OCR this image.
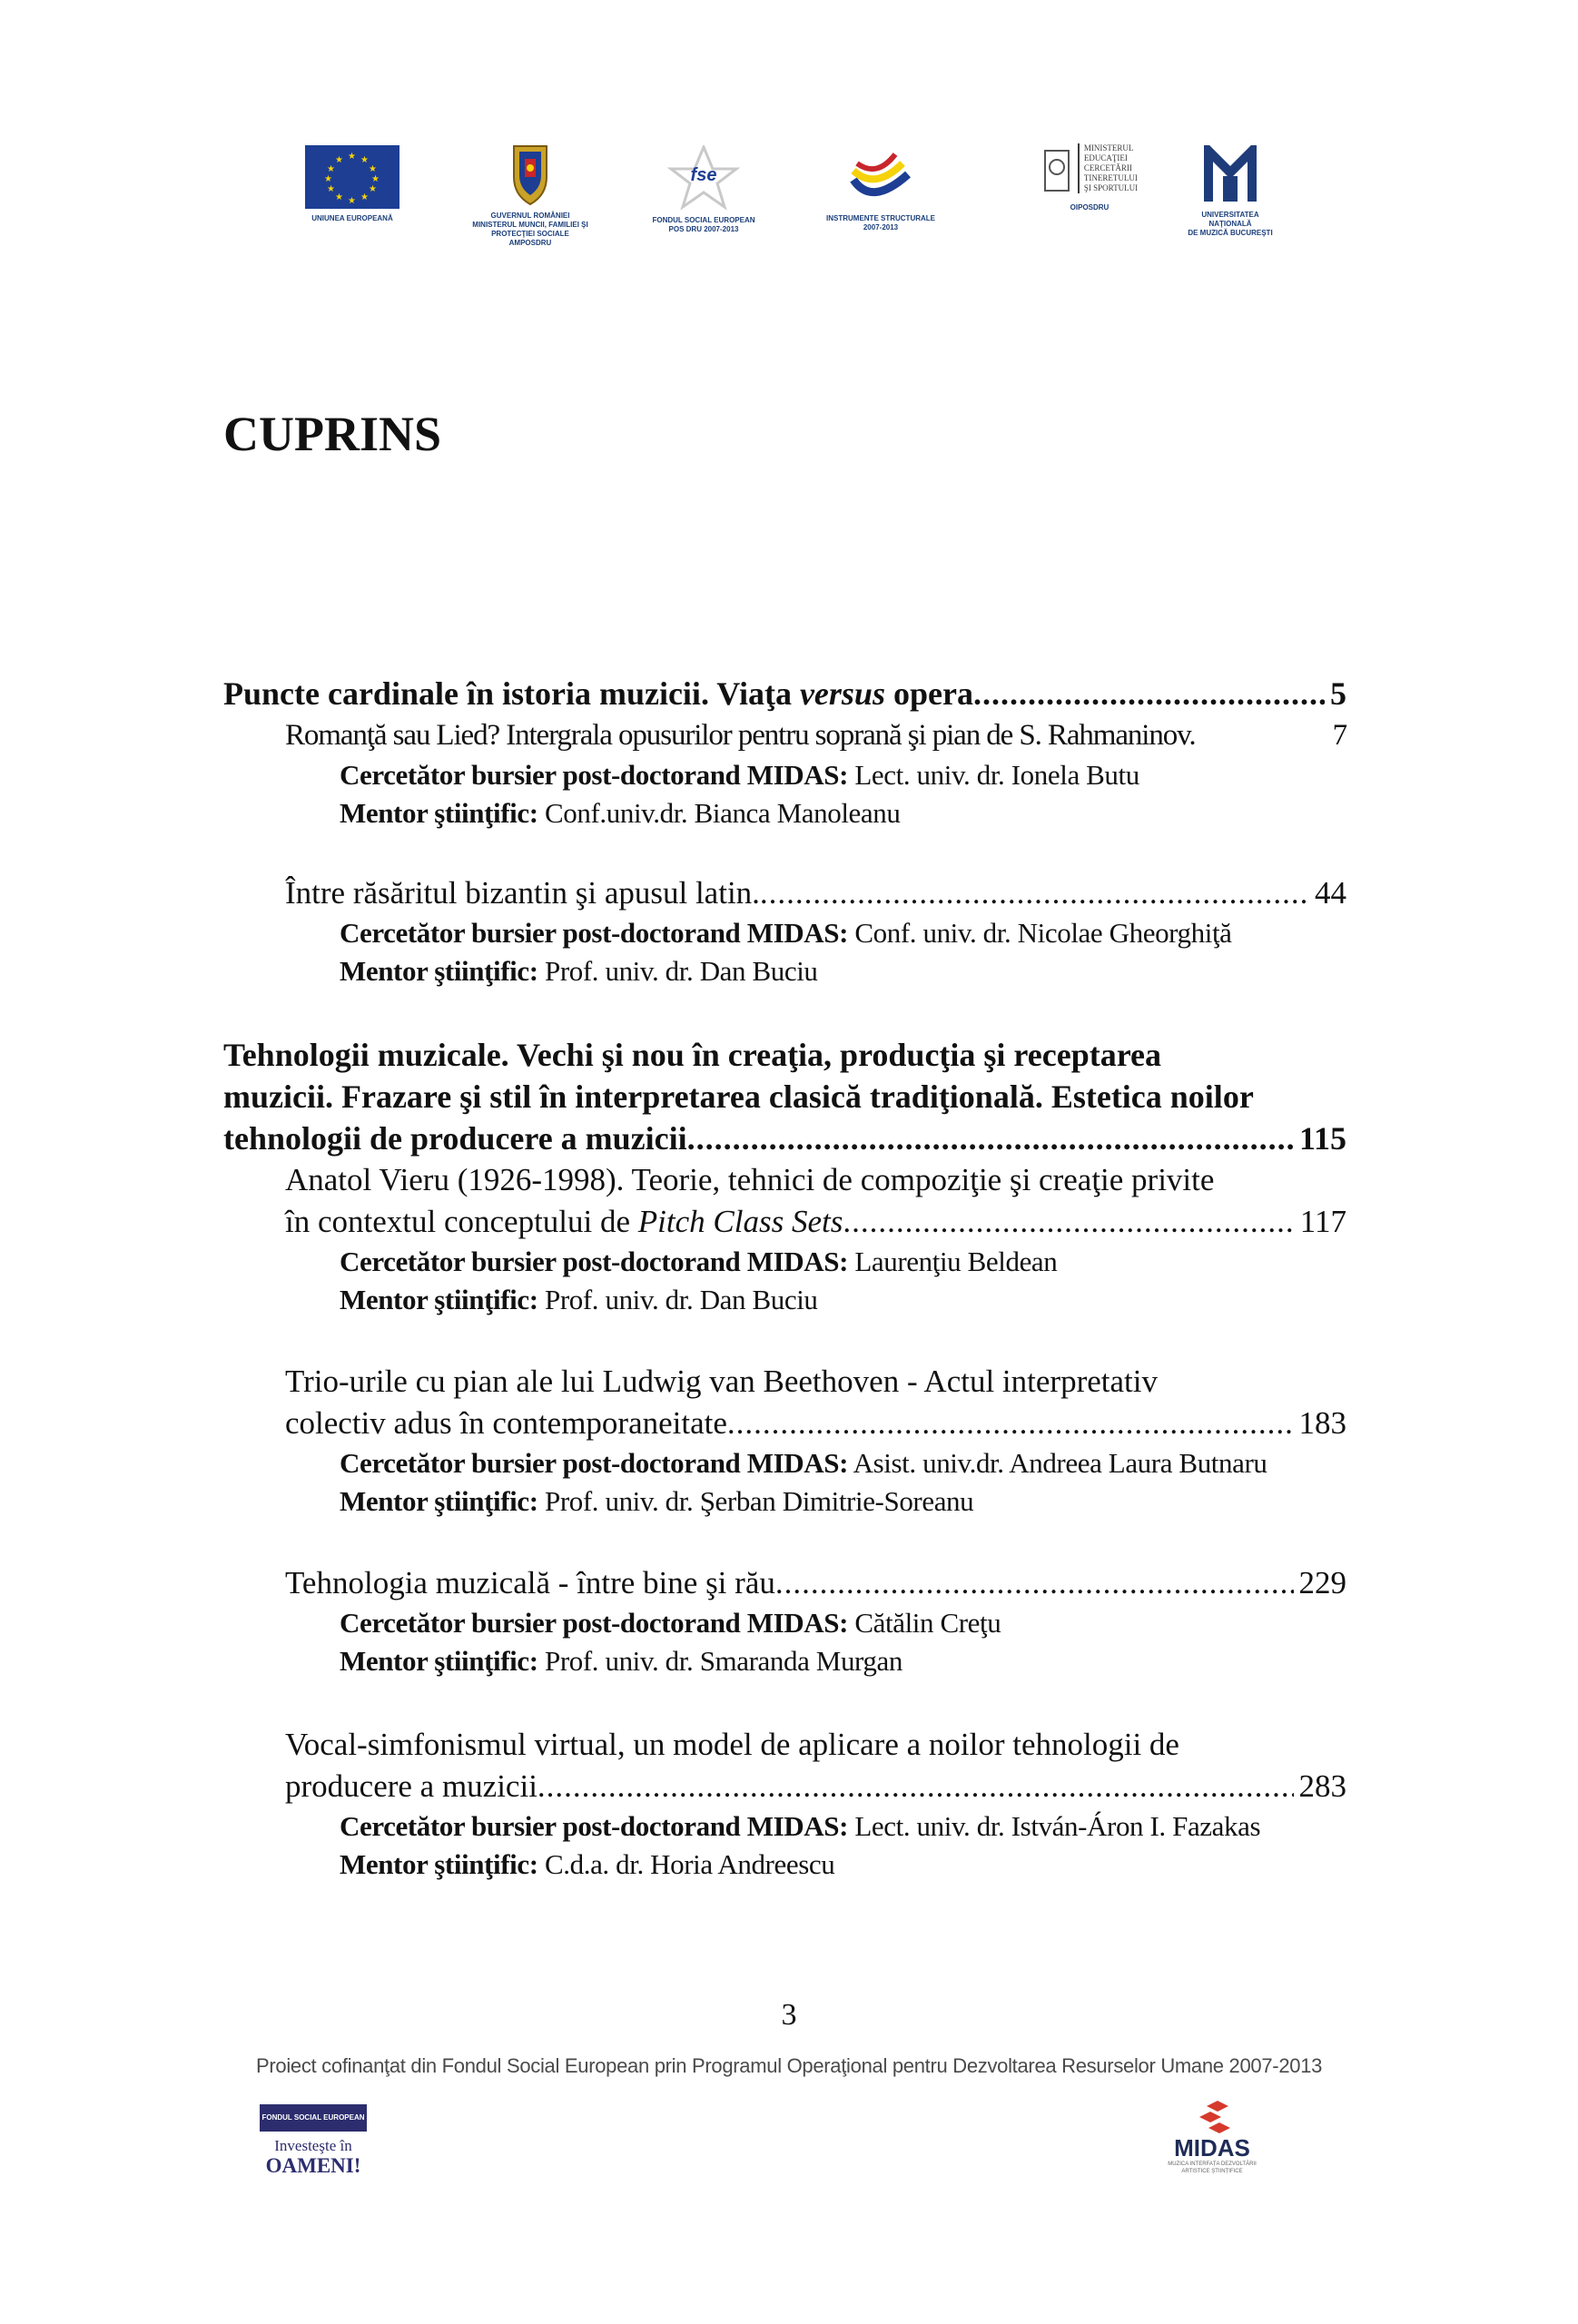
★ ★
★
★
★
★
★
★
★
★
★
★
UNIUNEA EUROPEANĂ	GUVERNUL ROMÂNIEI
MINISTERUL MUNCII, FAMILIEI ŞI
PROTECŢIEI SOCIALE
AMPOSDRU
fse
FONDUL SOCIAL EUROPEAN
POS DRU 2007-2013
INSTRUMENTE STRUCTURALE
2007-2013
MINISTERUL
EDUCAŢIEI
CERCETĂRII
TINERETULUI
ŞI SPORTULUI
OIPOSDRU
UNIVERSITATEA NAŢIONALĂ
DE MUZICĂ BUCUREŞTI
CUPRINS
Puncte cardinale în istoria muzicii. Viaţa versus opera .....	5
Romanţă sau Lied? Intergrala opusurilor pentru soprană şi pian de S. Rahmaninov.	7
Cercetător bursier post-doctorand MIDAS: Lect. univ. dr. Ionela Butu
Mentor ştiinţific: Conf.univ.dr. Bianca Manoleanu
Între răsăritul bizantin şi apusul latin. .....	44
Cercetător bursier post-doctorand MIDAS: Conf. univ. dr. Nicolae Gheorghiţă
Mentor ştiinţific: Prof. univ. dr. Dan Buciu
Tehnologii muzicale. Vechi şi nou în creaţia, producţia şi receptarea
muzicii. Frazare şi stil în interpretarea clasică tradiţională. Estetica noilor
tehnologii de producere a muzicii .....	115
Anatol Vieru (1926-1998). Teorie, tehnici de compoziţie şi creaţie privite
în contextul conceptului de Pitch Class Sets .....	117
Cercetător bursier post-doctorand MIDAS: Laurenţiu Beldean
Mentor ştiinţific: Prof. univ. dr. Dan Buciu
Trio-urile cu pian ale lui Ludwig van Beethoven - Actul interpretativ
colectiv adus în contemporaneitate .....	183
Cercetător bursier post-doctorand MIDAS: Asist. univ.dr. Andreea Laura Butnaru
Mentor ştiinţific: Prof. univ. dr. Şerban Dimitrie-Soreanu
Tehnologia muzicală - între bine şi rău .....	229
Cercetător bursier post-doctorand MIDAS: Cătălin Creţu
Mentor ştiinţific: Prof. univ. dr. Smaranda Murgan
Vocal-simfonismul virtual, un model de aplicare a noilor tehnologii de
producere a muzicii .....	283
Cercetător bursier post-doctorand MIDAS: Lect. univ. dr. István-Áron I. Fazakas
Mentor ştiinţific: C.d.a. dr. Horia Andreescu
3
Proiect cofinanţat din Fondul Social European prin Programul Operaţional pentru Dezvoltarea Resurselor Umane 2007-2013
FONDUL SOCIAL EUROPEAN
Investeşte în
OAMENI!
MIDAS
MUZICA INTERFAȚA DEZVOLTĂRII ARTISTICE ȘTIINȚIFICE
